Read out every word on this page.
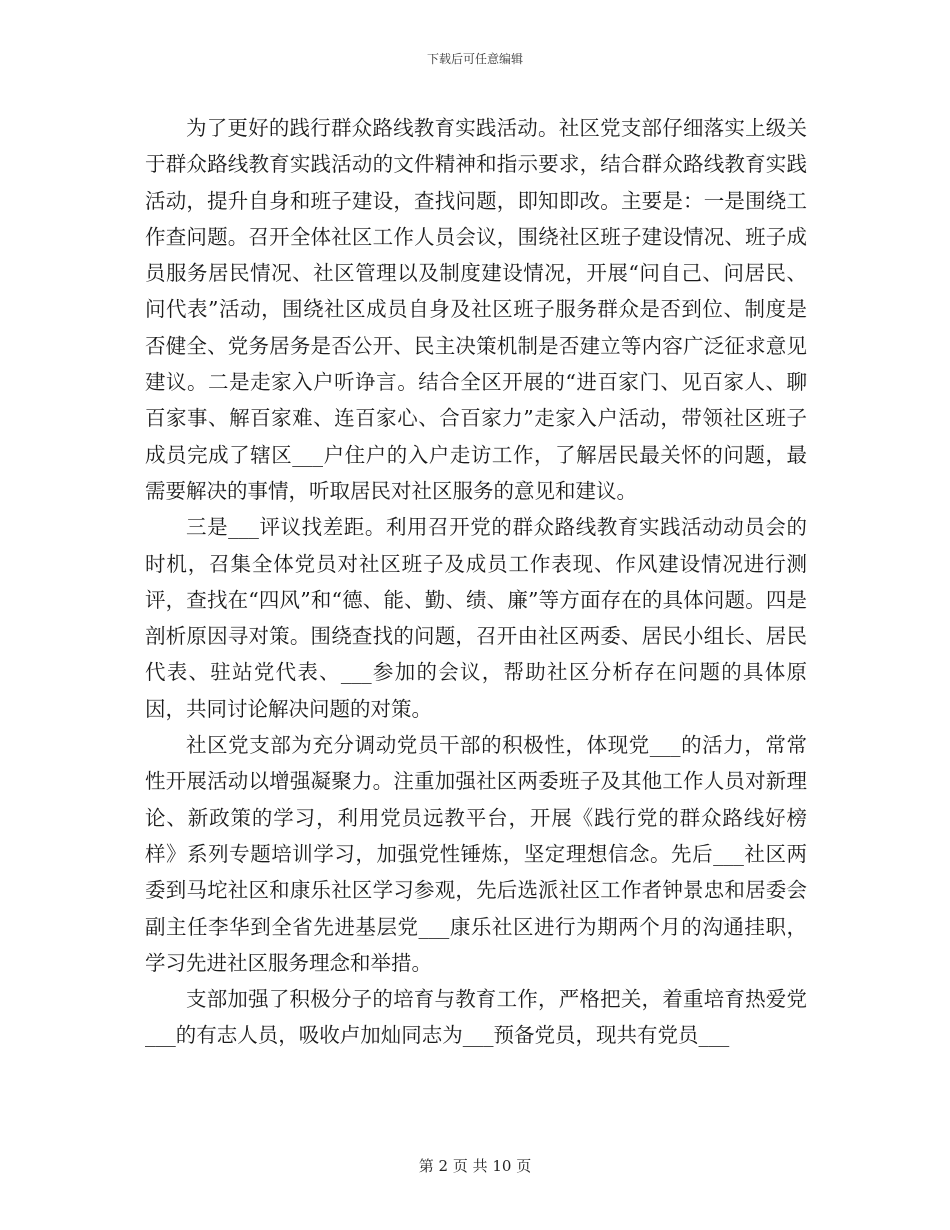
下载后可任意编辑

为了更好的践行群众路线教育实践活动。社区党支部仔细落实上级关于群众路线教育实践活动的文件精神和指示要求，结合群众路线教育实践活动，提升自身和班子建设，查找问题，即知即改。主要是：一是围绕工作查问题。召开全体社区工作人员会议，围绕社区班子建设情况、班子成员服务居民情况、社区管理以及制度建设情况，开展“问自己、问居民、问代表”活动，围绕社区成员自身及社区班子服务群众是否到位、制度是否健全、党务居务是否公开、民主决策机制是否建立等内容广泛征求意见建议。二是走家入户听诤言。结合全区开展的“进百家门、见百家人、聊百家事、解百家难、连百家心、合百家力”走家入户活动，带领社区班子成员完成了辖区___户住户的入户走访工作，了解居民最关怀的问题，最需要解决的事情，听取居民对社区服务的意见和建议。

三是___评议找差距。利用召开党的群众路线教育实践活动动员会的时机，召集全体党员对社区班子及成员工作表现、作风建设情况进行测评，查找在“四风”和“德、能、勤、绩、廉”等方面存在的具体问题。四是剖析原因寻对策。围绕查找的问题，召开由社区两委、居民小组长、居民代表、驻站党代表、___参加的会议，帮助社区分析存在问题的具体原因，共同讨论解决问题的对策。

社区党支部为充分调动党员干部的积极性，体现党___的活力，常常性开展活动以增强凝聚力。注重加强社区两委班子及其他工作人员对新理论、新政策的学习，利用党员远教平台，开展《践行党的群众路线好榜样》系列专题培训学习，加强党性锤炼，坚定理想信念。先后___社区两委到马坨社区和康乐社区学习参观，先后选派社区工作者钟景忠和居委会副主任李华到全省先进基层党___康乐社区进行为期两个月的沟通挂职，学习先进社区服务理念和举措。

支部加强了积极分子的培育与教育工作，严格把关，着重培育热爱党___的有志人员，吸收卢加灿同志为___预备党员，现共有党员___

第 2 页 共 10 页
